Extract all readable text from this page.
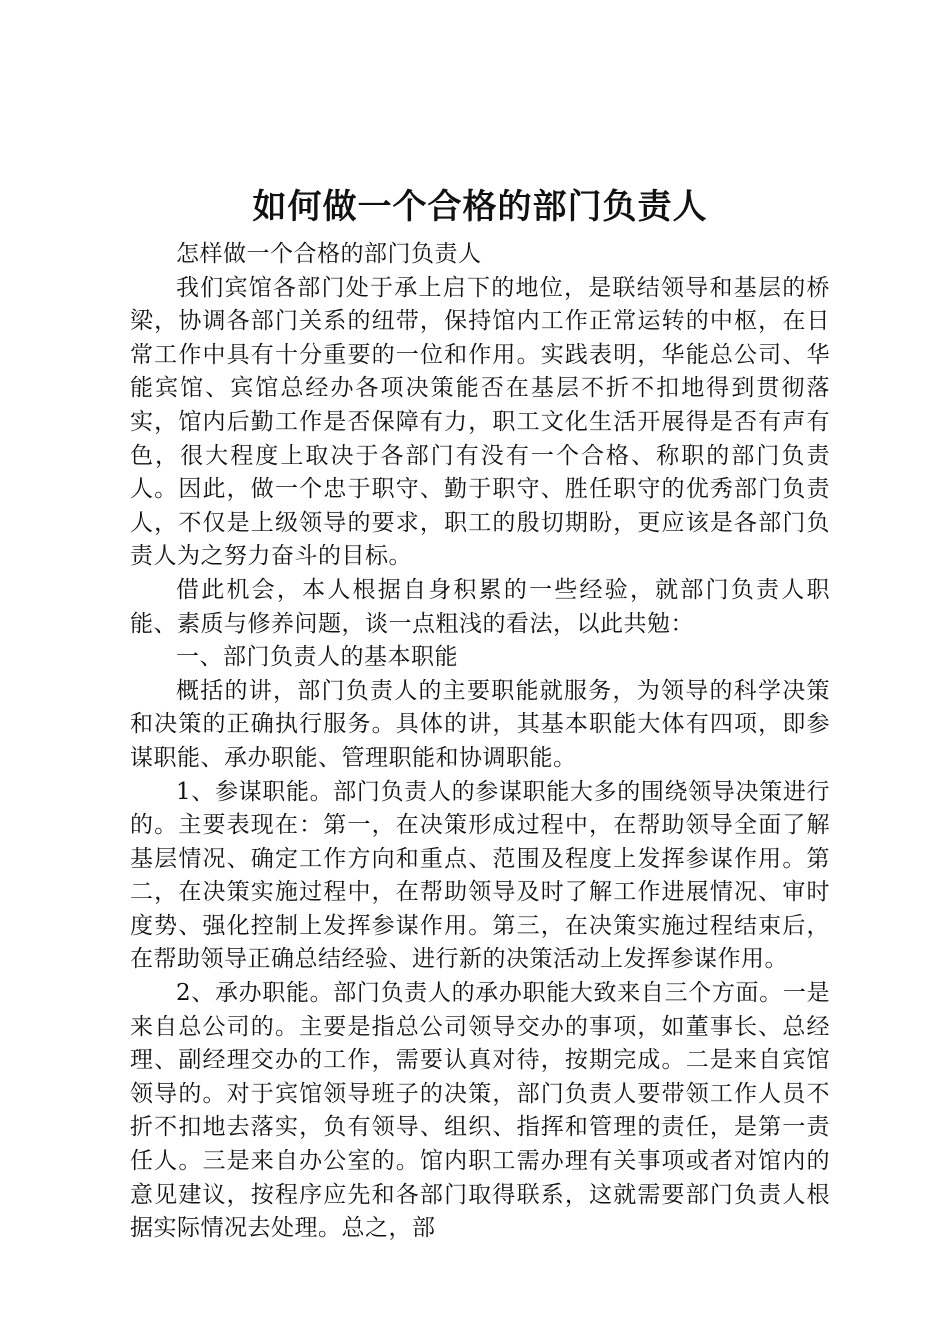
如何做一个合格的部门负责人

怎样做一个合格的部门负责人

我们宾馆各部门处于承上启下的地位，是联结领导和基层的桥梁，协调各部门关系的纽带，保持馆内工作正常运转的中枢，在日常工作中具有十分重要的一位和作用。实践表明，华能总公司、华能宾馆、宾馆总经办各项决策能否在基层不折不扣地得到贯彻落实，馆内后勤工作是否保障有力，职工文化生活开展得是否有声有色，很大程度上取决于各部门有没有一个合格、称职的部门负责人。因此，做一个忠于职守、勤于职守、胜任职守的优秀部门负责人，不仅是上级领导的要求，职工的殷切期盼，更应该是各部门负责人为之努力奋斗的目标。

借此机会，本人根据自身积累的一些经验，就部门负责人职能、素质与修养问题，谈一点粗浅的看法，以此共勉：

一、部门负责人的基本职能

概括的讲，部门负责人的主要职能就服务，为领导的科学决策和决策的正确执行服务。具体的讲，其基本职能大体有四项，即参谋职能、承办职能、管理职能和协调职能。

1、参谋职能。部门负责人的参谋职能大多的围绕领导决策进行的。主要表现在：第一，在决策形成过程中，在帮助领导全面了解基层情况、确定工作方向和重点、范围及程度上发挥参谋作用。第二，在决策实施过程中，在帮助领导及时了解工作进展情况、审时度势、强化控制上发挥参谋作用。第三，在决策实施过程结束后，在帮助领导正确总结经验、进行新的决策活动上发挥参谋作用。

2、承办职能。部门负责人的承办职能大致来自三个方面。一是来自总公司的。主要是指总公司领导交办的事项，如董事长、总经理、副经理交办的工作，需要认真对待，按期完成。二是来自宾馆领导的。对于宾馆领导班子的决策，部门负责人要带领工作人员不折不扣地去落实，负有领导、组织、指挥和管理的责任，是第一责任人。三是来自办公室的。馆内职工需办理有关事项或者对馆内的意见建议，按程序应先和各部门取得联系，这就需要部门负责人根据实际情况去处理。总之，部
